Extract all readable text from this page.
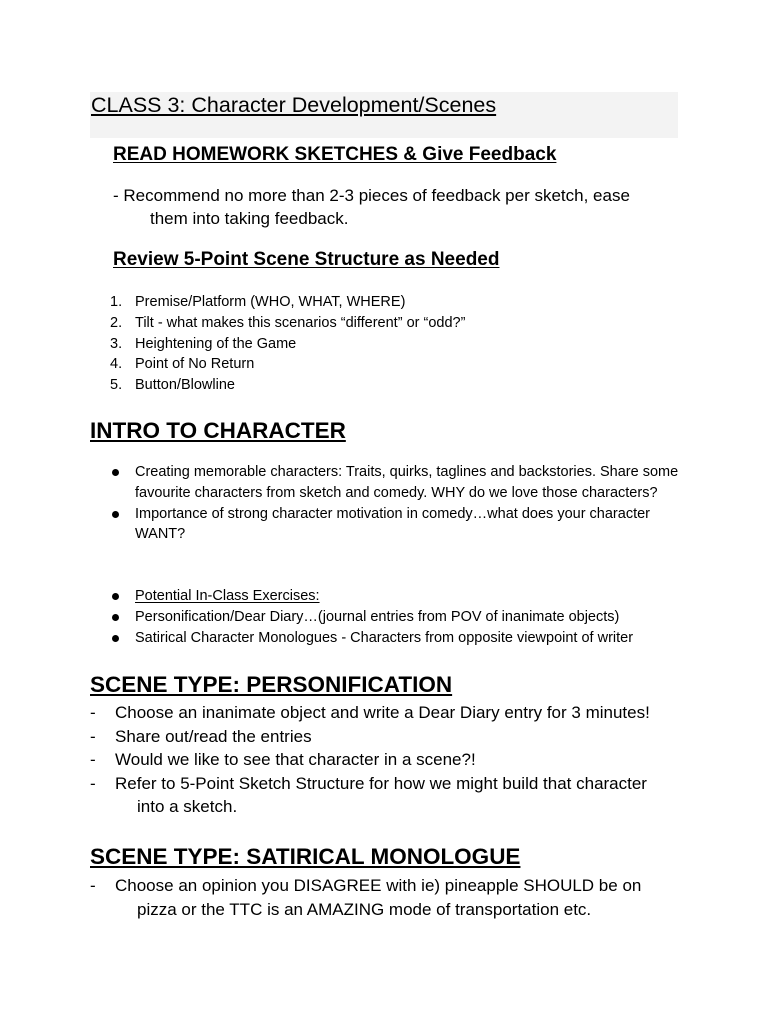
CLASS 3: Character Development/Scenes
READ HOMEWORK SKETCHES & Give Feedback
- Recommend no more than 2-3 pieces of feedback per sketch, ease
them into taking feedback.
Review 5-Point Scene Structure as Needed
1. Premise/Platform (WHO, WHAT, WHERE)
2. Tilt - what makes this scenarios “different” or “odd?”
3. Heightening of the Game
4. Point of No Return
5. Button/Blowline
INTRO TO CHARACTER
Creating memorable characters: Traits, quirks, taglines and backstories. Share some favourite characters from sketch and comedy. WHY do we love those characters?
Importance of strong character motivation in comedy…what does your character WANT?
Potential In-Class Exercises:
Personification/Dear Diary…(journal entries from POV of inanimate objects)
Satirical Character Monologues - Characters from opposite viewpoint of writer
SCENE TYPE: PERSONIFICATION
- Choose an inanimate object and write a Dear Diary entry for 3 minutes!
- Share out/read the entries
- Would we like to see that character in a scene?!
- Refer to 5-Point Sketch Structure for how we might build that character
into a sketch.
SCENE TYPE: SATIRICAL MONOLOGUE
- Choose an opinion you DISAGREE with ie) pineapple SHOULD be on
pizza or the TTC is an AMAZING mode of transportation etc.
